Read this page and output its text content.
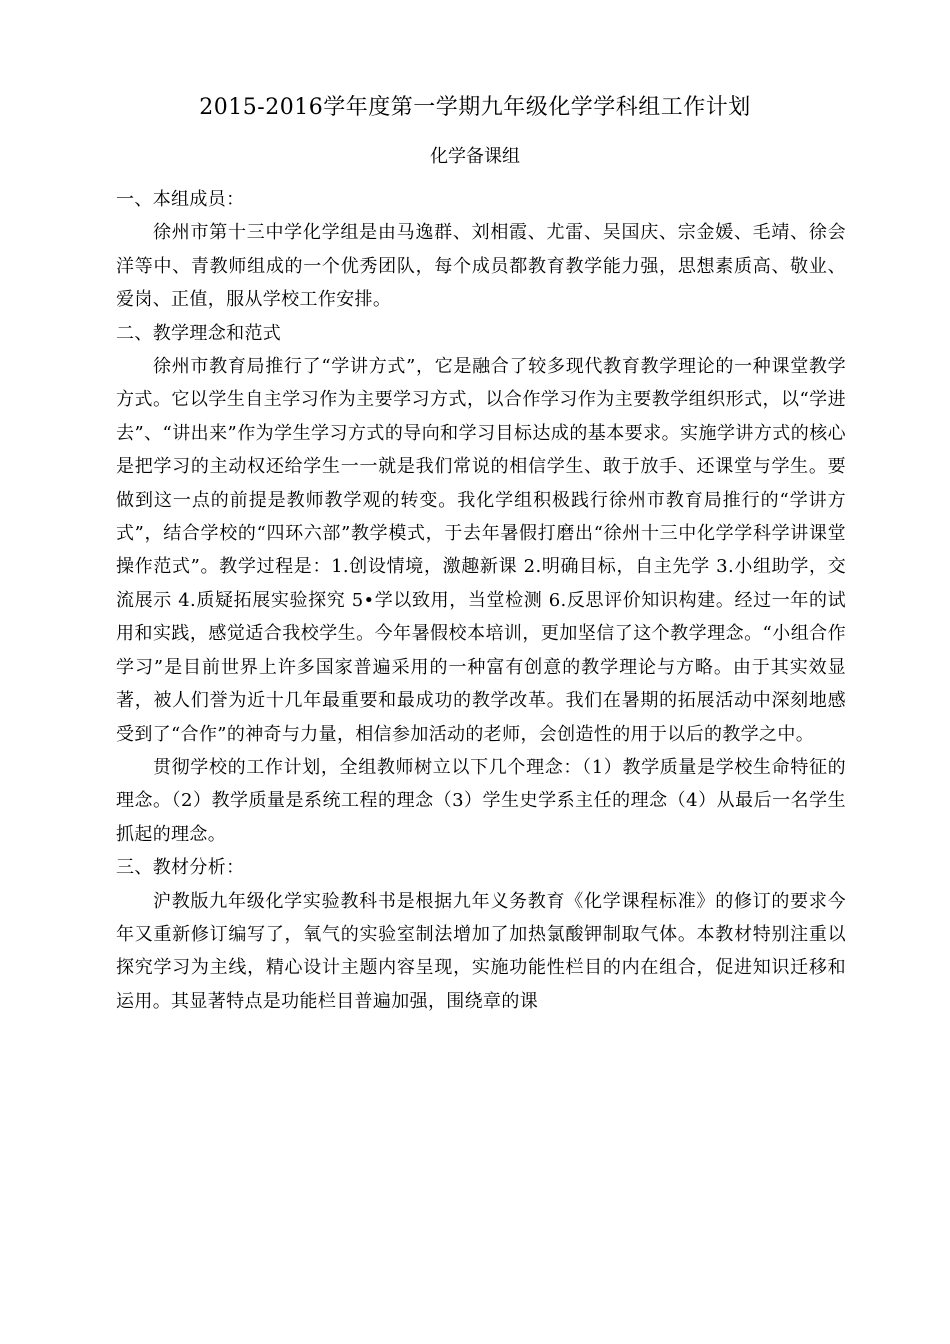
2015-2016学年度第一学期九年级化学学科组工作计划
化学备课组

一、本组成员：

徐州市第十三中学化学组是由马逸群、刘相霞、尤雷、吴国庆、宗金媛、毛靖、徐会洋等中、青教师组成的一个优秀团队，每个成员都教育教学能力强，思想素质高、敬业、爱岗、正值，服从学校工作安排。

二、教学理念和范式

徐州市教育局推行了“学讲方式”，它是融合了较多现代教育教学理论的一种课堂教学方式。它以学生自主学习作为主要学习方式，以合作学习作为主要教学组织形式，以“学进去”、“讲出来”作为学生学习方式的导向和学习目标达成的基本要求。实施学讲方式的核心是把学习的主动权还给学生一一就是我们常说的相信学生、敢于放手、还课堂与学生。要做到这一点的前提是教师教学观的转变。我化学组积极践行徐州市教育局推行的“学讲方式”，结合学校的“四环六部”教学模式，于去年暑假打磨出“徐州十三中化学学科学讲课堂操作范式”。教学过程是：1.创设情境，激趣新课 2.明确目标，自主先学 3.小组助学，交流展示 4.质疑拓展实验探究 5•学以致用，当堂检测 6.反思评价知识构建。经过一年的试用和实践，感觉适合我校学生。今年暑假校本培训，更加坚信了这个教学理念。“小组合作学习”是目前世界上许多国家普遍采用的一种富有创意的教学理论与方略。由于其实效显著，被人们誉为近十几年最重要和最成功的教学改革。我们在暑期的拓展活动中深刻地感受到了“合作”的神奇与力量，相信参加活动的老师，会创造性的用于以后的教学之中。

贯彻学校的工作计划，全组教师树立以下几个理念：（1）教学质量是学校生命特征的理念。（2）教学质量是系统工程的理念（3）学生史学系主任的理念（4）从最后一名学生抓起的理念。

三、教材分析：

沪教版九年级化学实验教科书是根据九年义务教育《化学课程标准》的修订的要求今年又重新修订编写了，氧气的实验室制法增加了加热氯酸钾制取气体。本教材特别注重以探究学习为主线，精心设计主题内容呈现，实施功能性栏目的内在组合，促进知识迁移和运用。其显著特点是功能栏目普遍加强，围绕章的课
